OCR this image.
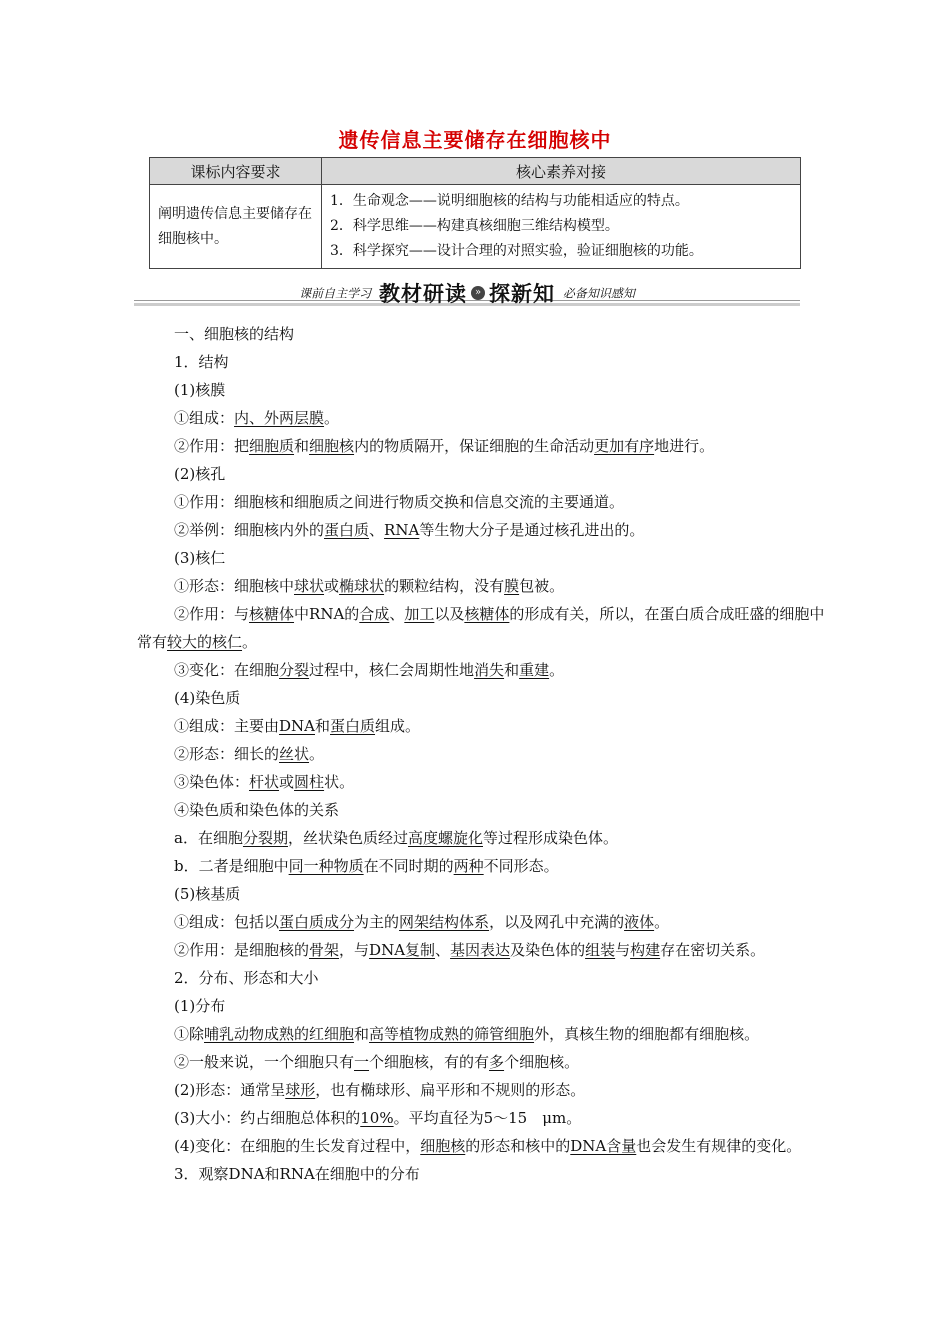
遗传信息主要储存在细胞核中
课标内容要求	核心素养对接
阐明遗传信息主要储存在细胞核中。	1．生命观念——说明细胞核的结构与功能相适应的特点。
2．科学思维——构建真核细胞三维结构模型。
3．科学探究——设计合理的对照实验，验证细胞核的功能。
课前自主学习 教材研读 » 探新知 必备知识感知

一、细胞核的结构

1．结构

(1)核膜

①组成：内、外两层膜。

②作用：把细胞质和细胞核内的物质隔开，保证细胞的生命活动更加有序地进行。

(2)核孔

①作用：细胞核和细胞质之间进行物质交换和信息交流的主要通道。

②举例：细胞核内外的蛋白质、RNA等生物大分子是通过核孔进出的。

(3)核仁

①形态：细胞核中球状或椭球状的颗粒结构，没有膜包被。

②作用：与核糖体中RNA的合成、加工以及核糖体的形成有关，所以，在蛋白质合成旺盛的细胞中常有较大的核仁。

③变化：在细胞分裂过程中，核仁会周期性地消失和重建。

(4)染色质

①组成：主要由DNA和蛋白质组成。

②形态：细长的丝状。

③染色体：杆状或圆柱状。

④染色质和染色体的关系

a．在细胞分裂期，丝状染色质经过高度螺旋化等过程形成染色体。

b．二者是细胞中同一种物质在不同时期的两种不同形态。

(5)核基质

①组成：包括以蛋白质成分为主的网架结构体系，以及网孔中充满的液体。

②作用：是细胞核的骨架，与DNA复制、基因表达及染色体的组装与构建存在密切关系。

2．分布、形态和大小

(1)分布

①除哺乳动物成熟的红细胞和高等植物成熟的筛管细胞外，真核生物的细胞都有细胞核。

②一般来说，一个细胞只有一个细胞核，有的有多个细胞核。

(2)形态：通常呈球形，也有椭球形、扁平形和不规则的形态。

(3)大小：约占细胞总体积的10%。平均直径为5～15　μm。

(4)变化：在细胞的生长发育过程中，细胞核的形态和核中的DNA含量也会发生有规律的变化。

3．观察DNA和RNA在细胞中的分布
